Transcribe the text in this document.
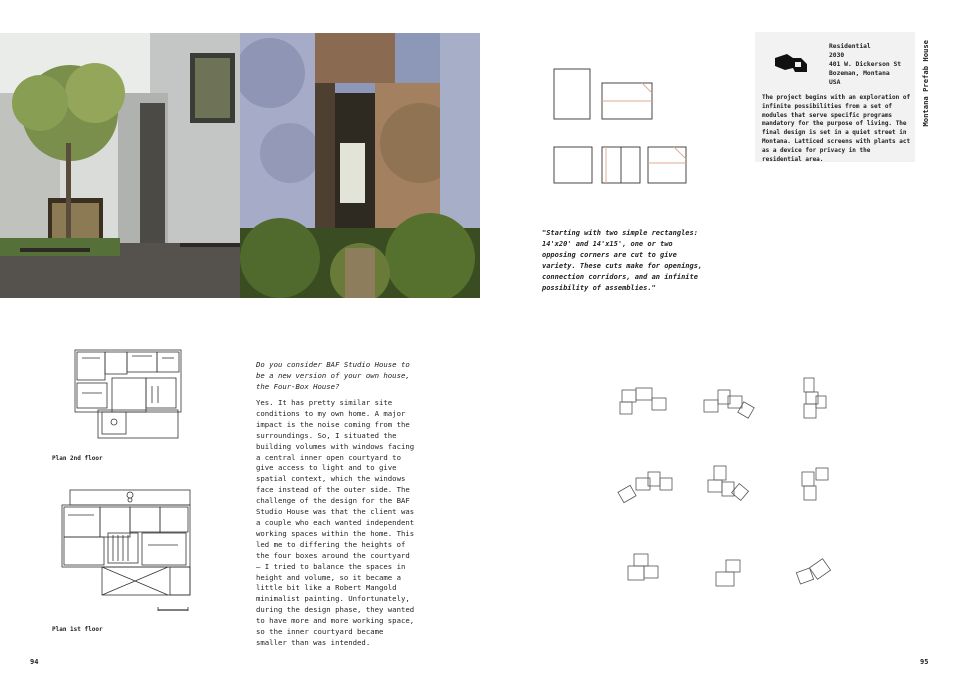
Plan 2nd floor
Plan 1st floor
Do you consider BAF Studio House to be a new version of your own house, the Four-Box House?
Yes. It has pretty similar site conditions to my own home. A major impact is the noise coming from the surroundings. So, I situated the building volumes with windows facing a central inner open courtyard to give access to light and to give spatial context, which the windows face instead of the outer side. The challenge of the design for the BAF Studio House was that the client was a couple who each wanted independent working spaces within the home. This led me to differing the heights of the four boxes around the courtyard – I tried to balance the spaces in height and volume, so it became a little bit like a Robert Mangold minimalist painting. Unfortunately, during the design phase, they wanted to have more and more working space, so the inner courtyard became smaller than was intended.
94
Residential
2030
401 W. Dickerson St
Bozeman, Montana
USA
The project begins with an exploration of infinite possibilities from a set of modules that serve specific programs mandatory for the purpose of living. The final design is set in a quiet street in Montana. Latticed screens with plants act as a device for privacy in the residential area.
Montana Prefab House
"Starting with two simple rectangles: 14'x20' and 14'x15', one or two opposing corners are cut to give variety. These cuts make for openings, connection corridors, and an infinite possibility of assemblies."
95
